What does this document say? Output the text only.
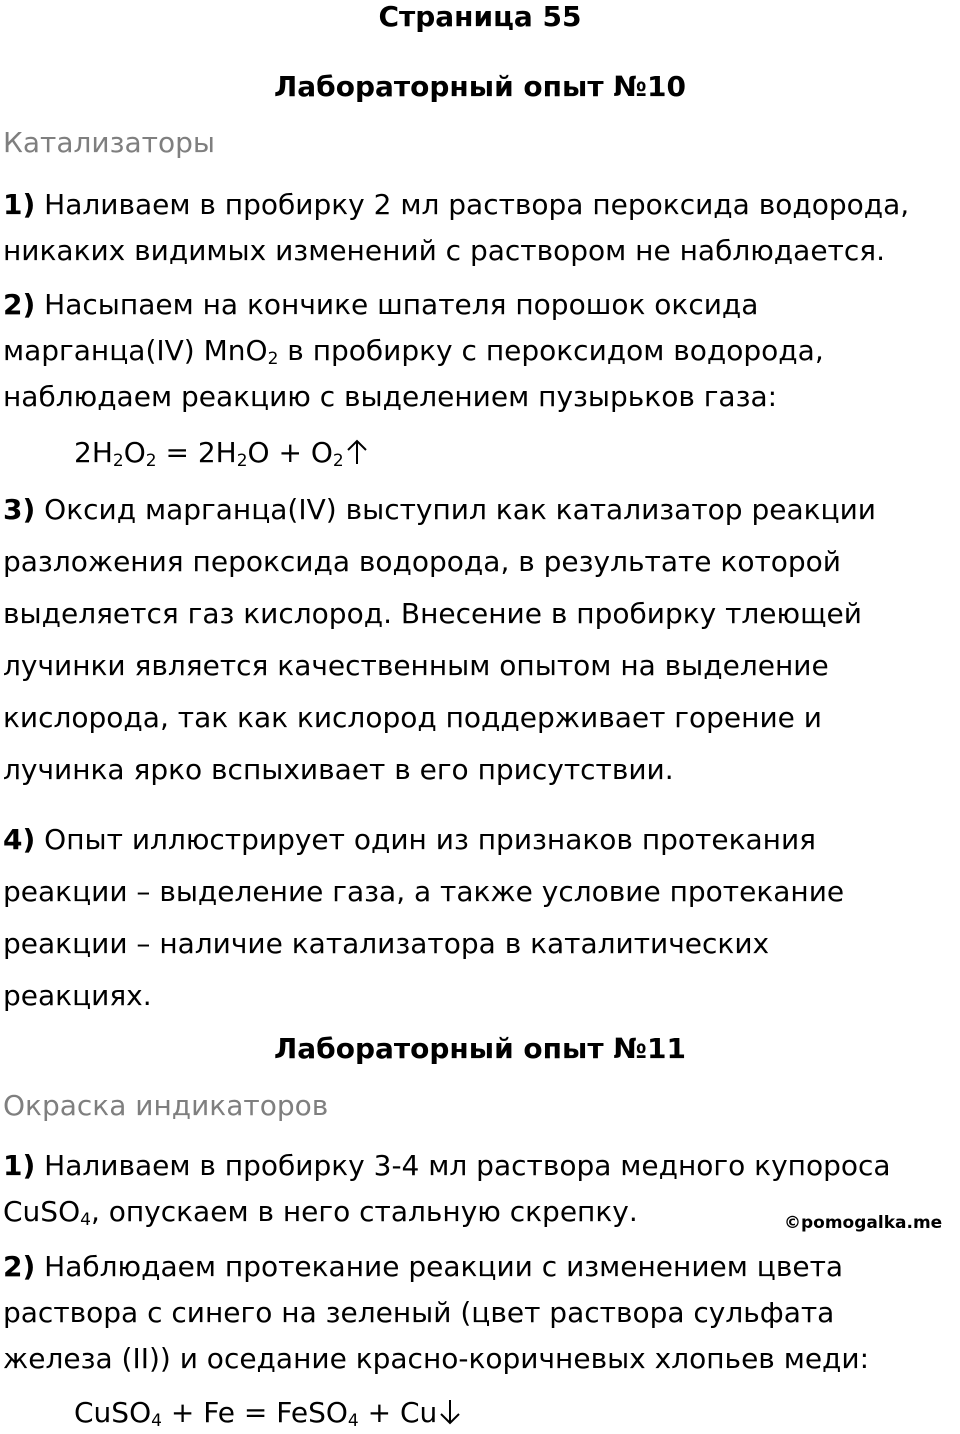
Страница 55
Лабораторный опыт №10
Катализаторы
1) Наливаем в пробирку 2 мл раствора пероксида водорода,
никаких видимых изменений с раствором не наблюдается.
2) Насыпаем на кончике шпателя порошок оксида
марганца(IV) MnO$_2$ в пробирку с пероксидом водорода,
наблюдаем реакцию с выделением пузырьков газа:
$2H_2O_2 = 2H_2O + O_2$
3) Оксид марганца(IV) выступил как катализатор реакции
разложения пероксида водорода, в результате которой
выделяется газ кислород. Внесение в пробирку тлеющей
лучинки является качественным опытом на выделение
кислорода, так как кислород поддерживает горение и
лучинка ярко вспыхивает в его присутствии.
4) Опыт иллюстрирует один из признаков протекания
реакции – выделение газа, а также условие протекание
реакции – наличие катализатора в каталитических
реакциях.
Лабораторный опыт №11
Окраска индикаторов
1) Наливаем в пробирку 3-4 мл раствора медного купороса
CuSO$_4$, опускаем в него стальную скрепку.	©pomogalka.me
2) Наблюдаем протекание реакции с изменением цвета
раствора с синего на зеленый (цвет раствора сульфата
железа (II)) и оседание красно-коричневых хлопьев меди:
CuSO$_4$ + Fe = FeSO$_4$ + Cu
